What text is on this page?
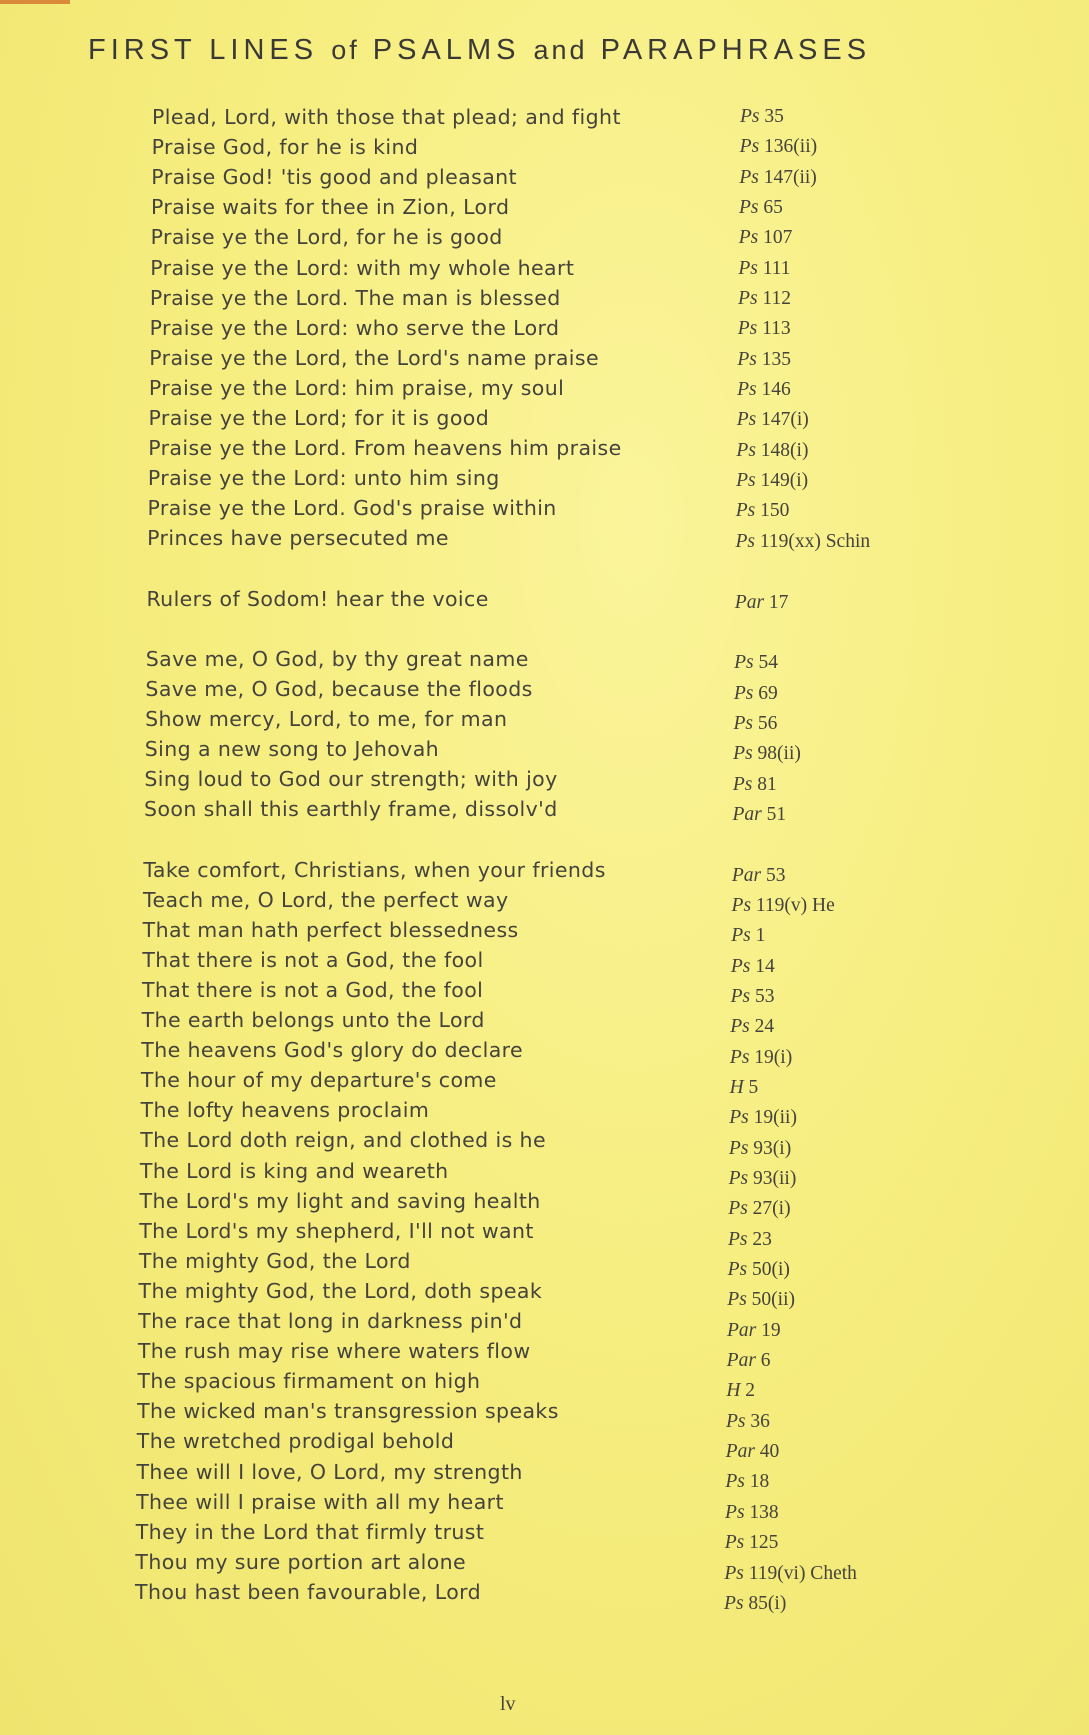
FIRST LINES of PSALMS and PARAPHRASES
Plead, Lord, with those that plead; and fight	Ps 35
Praise God, for he is kind	Ps 136(ii)
Praise God! 'tis good and pleasant	Ps 147(ii)
Praise waits for thee in Zion, Lord	Ps 65
Praise ye the Lord, for he is good	Ps 107
Praise ye the Lord: with my whole heart	Ps 111
Praise ye the Lord. The man is blessed	Ps 112
Praise ye the Lord: who serve the Lord	Ps 113
Praise ye the Lord, the Lord's name praise	Ps 135
Praise ye the Lord: him praise, my soul	Ps 146
Praise ye the Lord; for it is good	Ps 147(i)
Praise ye the Lord. From heavens him praise	Ps 148(i)
Praise ye the Lord: unto him sing	Ps 149(i)
Praise ye the Lord. God's praise within	Ps 150
Princes have persecuted me	Ps 119(xx) Schin
Rulers of Sodom! hear the voice	Par 17
Save me, O God, by thy great name	Ps 54
Save me, O God, because the floods	Ps 69
Show mercy, Lord, to me, for man	Ps 56
Sing a new song to Jehovah	Ps 98(ii)
Sing loud to God our strength; with joy	Ps 81
Soon shall this earthly frame, dissolv'd	Par 51
Take comfort, Christians, when your friends	Par 53
Teach me, O Lord, the perfect way	Ps 119(v) He
That man hath perfect blessedness	Ps 1
That there is not a God, the fool	Ps 14
That there is not a God, the fool	Ps 53
The earth belongs unto the Lord	Ps 24
The heavens God's glory do declare	Ps 19(i)
The hour of my departure's come	H 5
The lofty heavens proclaim	Ps 19(ii)
The Lord doth reign, and clothed is he	Ps 93(i)
The Lord is king and weareth	Ps 93(ii)
The Lord's my light and saving health	Ps 27(i)
The Lord's my shepherd, I'll not want	Ps 23
The mighty God, the Lord	Ps 50(i)
The mighty God, the Lord, doth speak	Ps 50(ii)
The race that long in darkness pin'd	Par 19
The rush may rise where waters flow	Par 6
The spacious firmament on high	H 2
The wicked man's transgression speaks	Ps 36
The wretched prodigal behold	Par 40
Thee will I love, O Lord, my strength	Ps 18
Thee will I praise with all my heart	Ps 138
They in the Lord that firmly trust	Ps 125
Thou my sure portion art alone	Ps 119(vi) Cheth
Thou hast been favourable, Lord	Ps 85(i)
lv
